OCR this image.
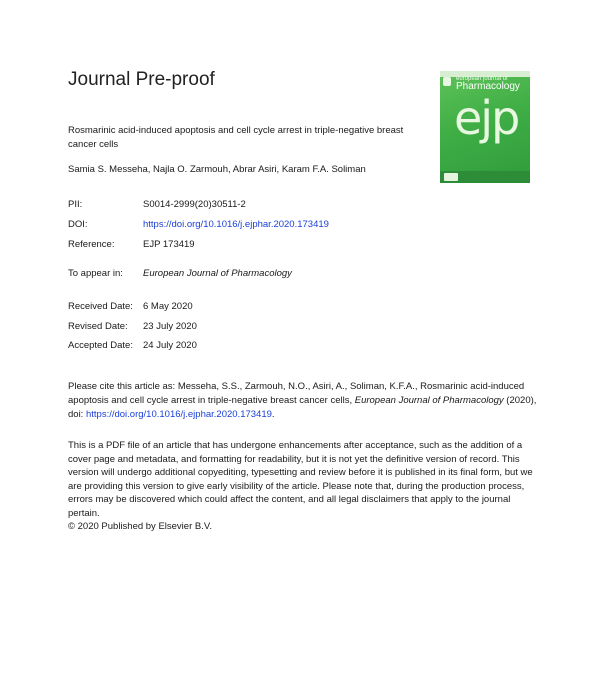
Journal Pre-proof	european journal of
Pharmacology
ejp
Rosmarinic acid-induced apoptosis and cell cycle arrest in triple-negative breast cancer cells
Samia S. Messeha, Najla O. Zarmouh, Abrar Asiri, Karam F.A. Soliman
PII:	S0014-2999(20)30511-2
DOI:	https://doi.org/10.1016/j.ejphar.2020.173419
Reference:	EJP 173419
To appear in: European Journal of Pharmacology
Received Date: 6 May 2020
Revised Date: 23 July 2020
Accepted Date: 24 July 2020
Please cite this article as: Messeha, S.S., Zarmouh, N.O., Asiri, A., Soliman, K.F.A., Rosmarinic acid-induced apoptosis and cell cycle arrest in triple-negative breast cancer cells, European Journal of Pharmacology (2020), doi: https://doi.org/10.1016/j.ejphar.2020.173419.
This is a PDF file of an article that has undergone enhancements after acceptance, such as the addition of a cover page and metadata, and formatting for readability, but it is not yet the definitive version of record. This version will undergo additional copyediting, typesetting and review before it is published in its final form, but we are providing this version to give early visibility of the article. Please note that, during the production process, errors may be discovered which could affect the content, and all legal disclaimers that apply to the journal pertain.
© 2020 Published by Elsevier B.V.
